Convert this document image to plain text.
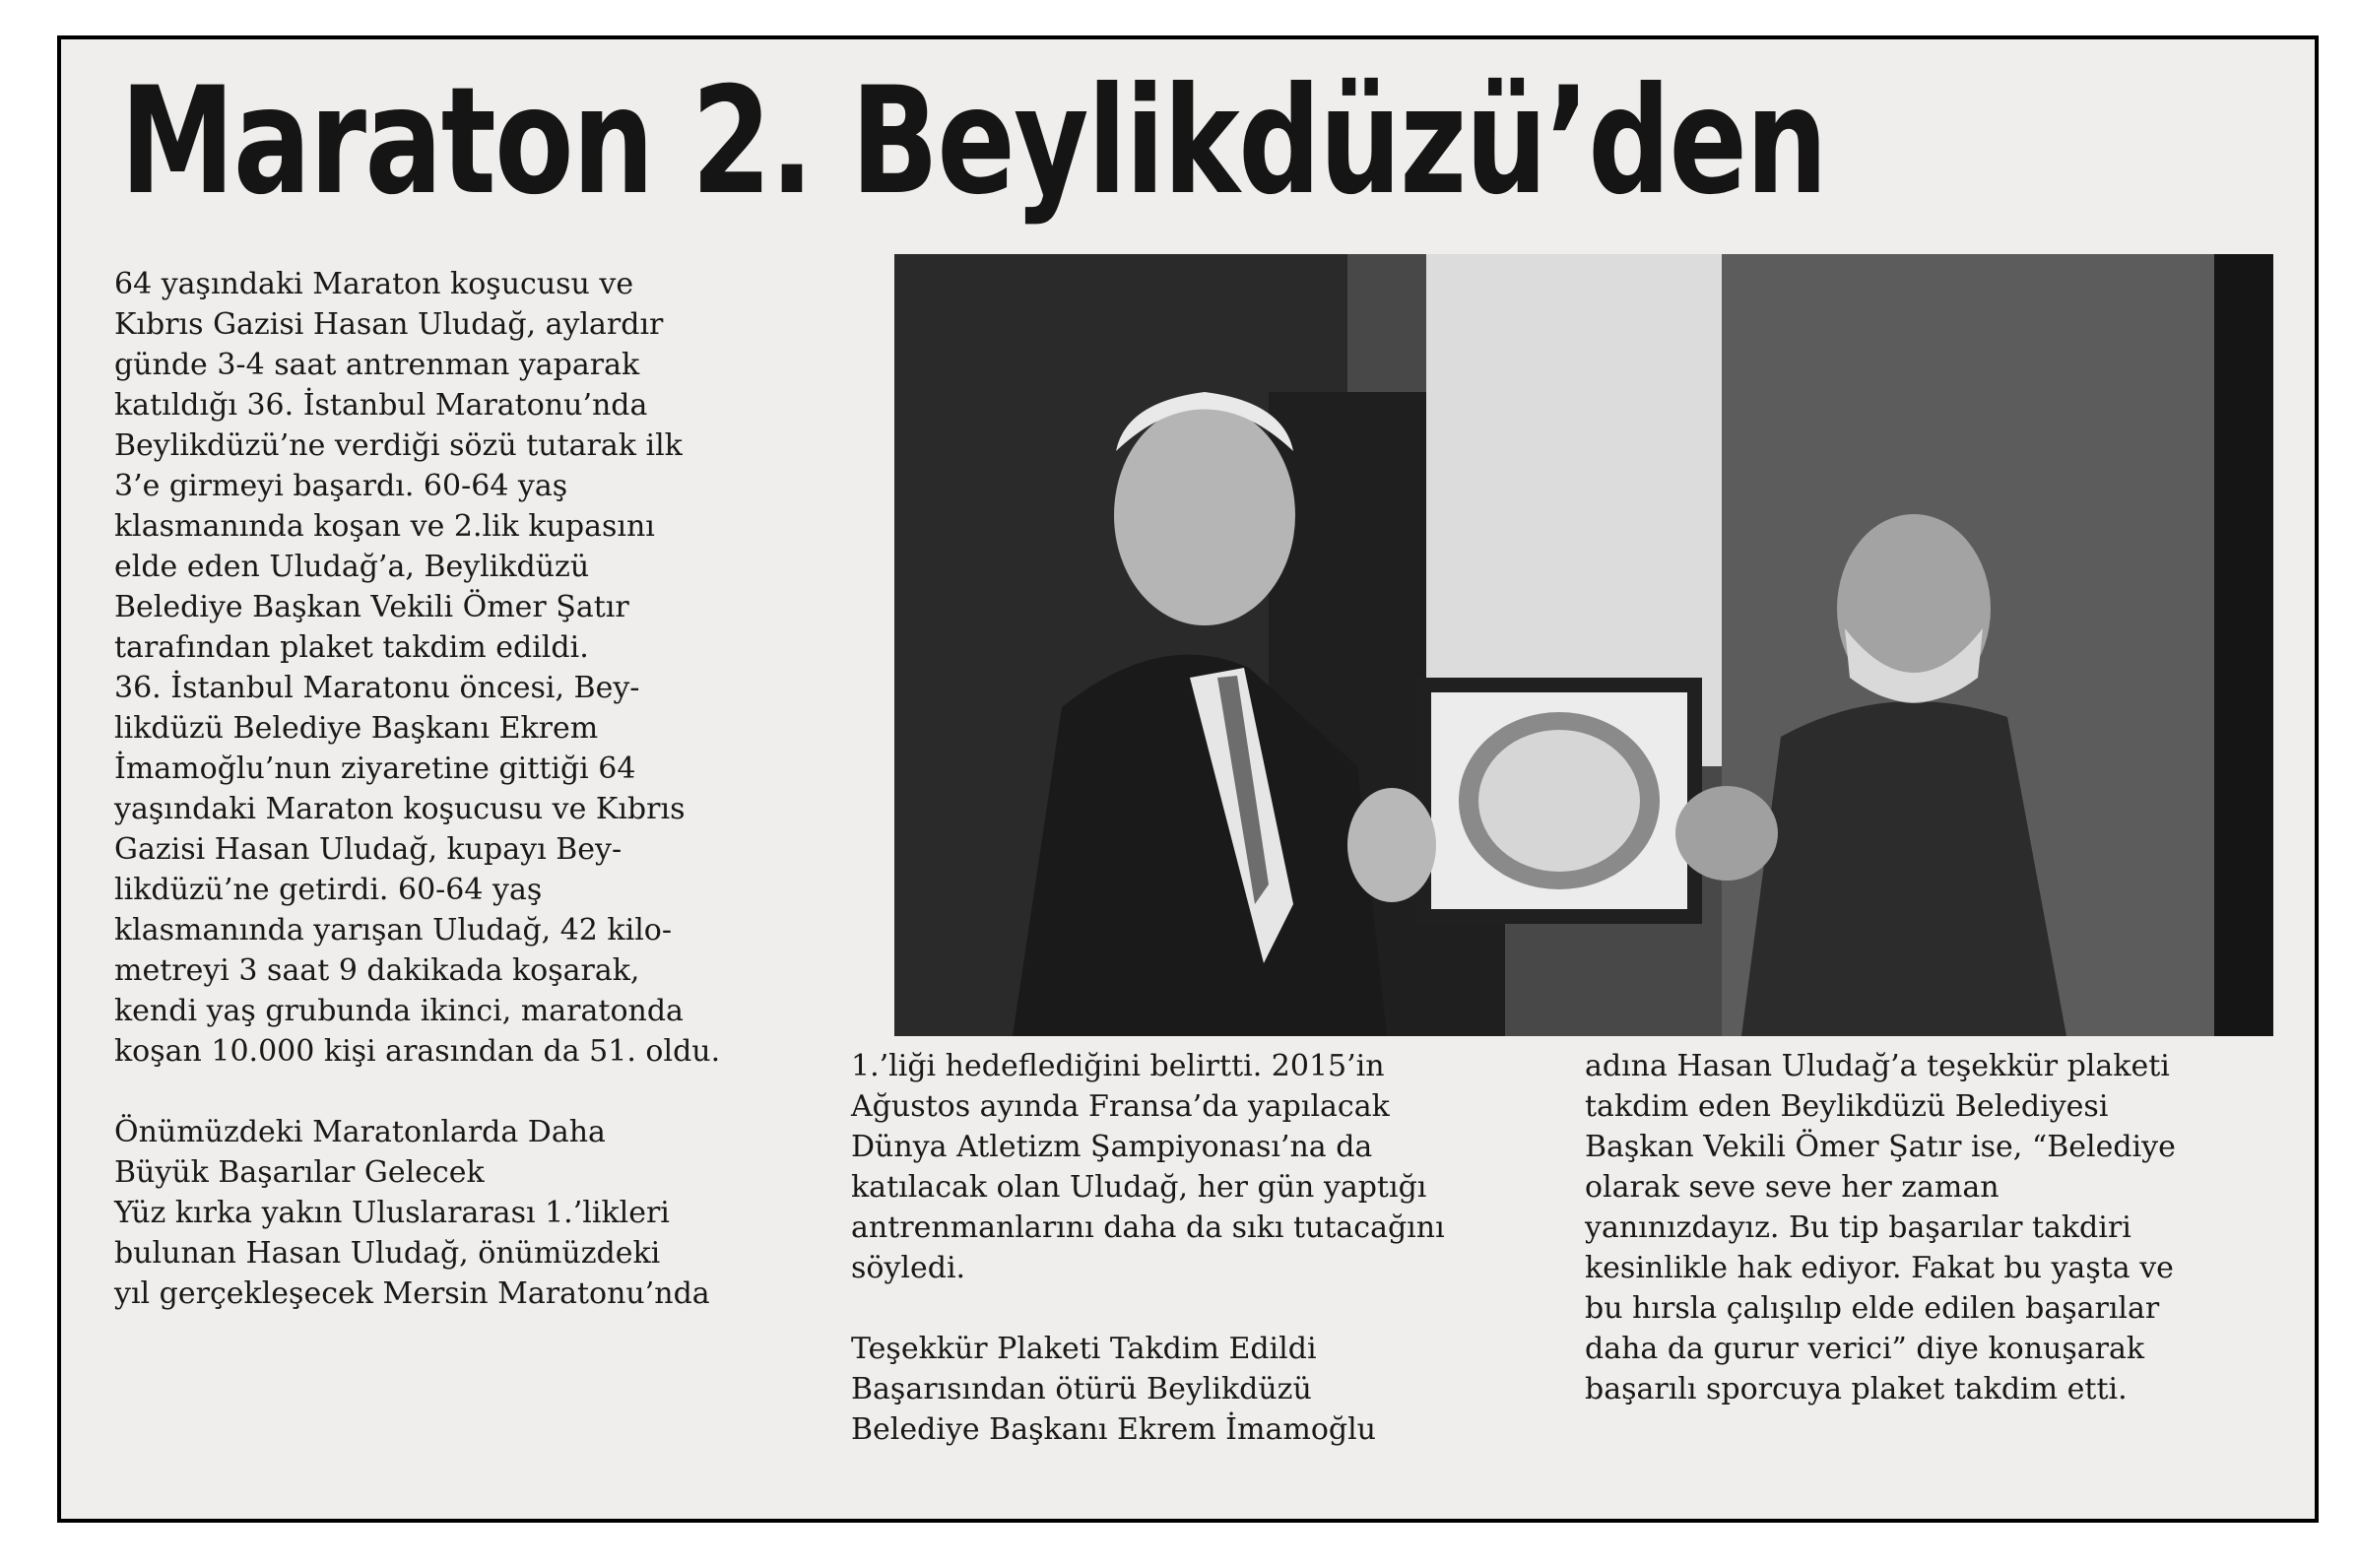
Maraton 2. Beylikdüzü’den

64 yaşındaki Maraton koşucusu ve

Kıbrıs Gazisi Hasan Uludağ, aylardır

günde 3-4 saat antrenman yaparak

katıldığı 36. İstanbul Maratonu’nda

Beylikdüzü’ne verdiği sözü tutarak ilk

3’e girmeyi başardı. 60-64 yaş

klasmanında koşan ve 2.lik kupasını

elde eden Uludağ’a, Beylikdüzü

Belediye Başkan Vekili Ömer Şatır

tarafından plaket takdim edildi.

36. İstanbul Maratonu öncesi, Bey-

likdüzü Belediye Başkanı Ekrem

İmamoğlu’nun ziyaretine gittiği 64

yaşındaki Maraton koşucusu ve Kıbrıs

Gazisi Hasan Uludağ, kupayı Bey-

likdüzü’ne getirdi. 60-64 yaş

klasmanında yarışan Uludağ, 42 kilo-

metreyi 3 saat 9 dakikada koşarak,

kendi yaş grubunda ikinci, maratonda

koşan 10.000 kişi arasından da 51. oldu.

Önümüzdeki Maratonlarda Daha

Büyük Başarılar Gelecek

Yüz kırka yakın Uluslararası 1.’likleri

bulunan Hasan Uludağ, önümüzdeki

yıl gerçekleşecek Mersin Maratonu’nda

1.’liği hedeflediğini belirtti. 2015’in

Ağustos ayında Fransa’da yapılacak

Dünya Atletizm Şampiyonası’na da

katılacak olan Uludağ, her gün yaptığı

antrenmanlarını daha da sıkı tutacağını

söyledi.

Teşekkür Plaketi Takdim Edildi

Başarısından ötürü Beylikdüzü

Belediye Başkanı Ekrem İmamoğlu

adına Hasan Uludağ’a teşekkür plaketi

takdim eden Beylikdüzü Belediyesi

Başkan Vekili Ömer Şatır ise, “Belediye

olarak seve seve her zaman

yanınızdayız. Bu tip başarılar takdiri

kesinlikle hak ediyor. Fakat bu yaşta ve

bu hırsla çalışılıp elde edilen başarılar

daha da gurur verici” diye konuşarak

başarılı sporcuya plaket takdim etti.
